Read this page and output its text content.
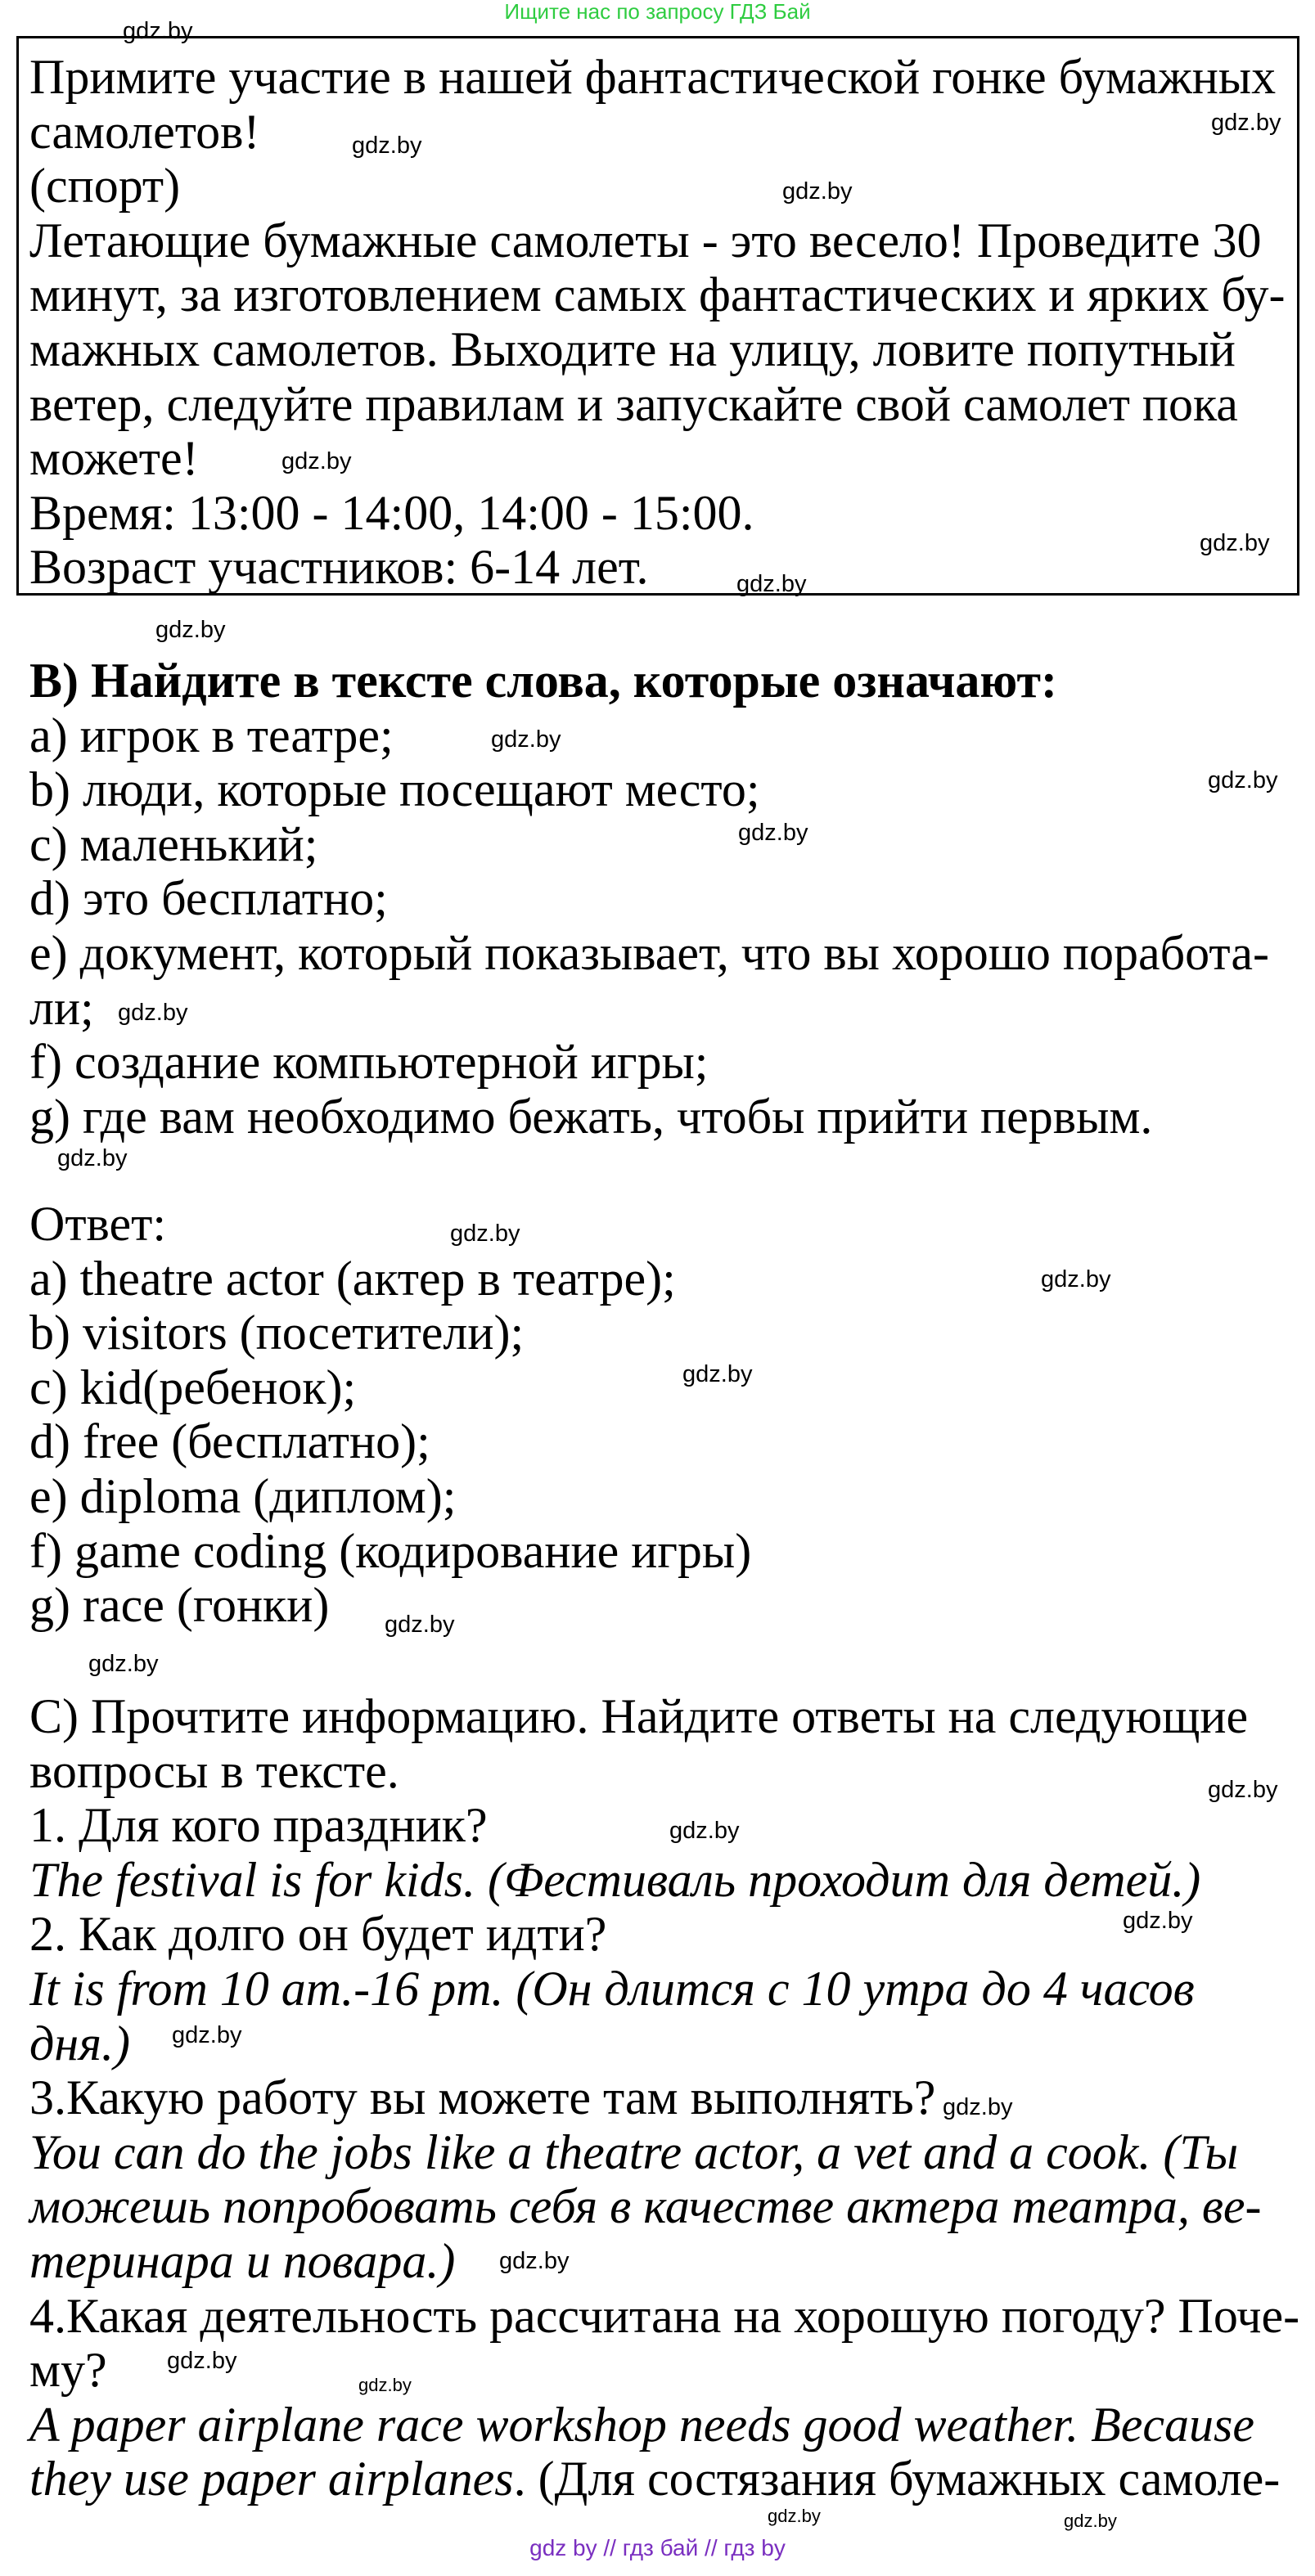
Ищите нас по запросу ГДЗ Бай
Примите участие в нашей фантастической гонке бумажных
самолетов!
(спорт)
Летающие бумажные самолеты - это весело! Проведите 30
минут, за изготовлением самых фантастических и ярких бу-
мажных самолетов. Выходите на улицу, ловите попутный
ветер, следуйте правилам и запускайте свой самолет пока
можете!
Время: 13:00 - 14:00, 14:00 - 15:00.
Возраст участников: 6-14 лет.
B) Найдите в тексте слова, которые означают:
a) игрок в театре;
b) люди, которые посещают место;
c) маленький;
d) это бесплатно;
e) документ, который показывает, что вы хорошо поработа-
ли;
f) создание компьютерной игры;
g) где вам необходимо бежать, чтобы прийти первым.
Ответ:
a) theatre actor (актер в театре);
b) visitors (посетители);
c) kid(ребенок);
d) free (бесплатно);
e) diploma (диплом);
f) game coding (кодирование игры)
g) race (гонки)
C) Прочтите информацию. Найдите ответы на следующие
вопросы в тексте.
1. Для кого праздник?
The festival is for kids. (Фестиваль проходит для детей.)
2. Как долго он будет идти?
It is from 10 am.-16 pm. (Он длится с 10 утра до 4 часов
дня.)
3.Какую работу вы можете там выполнять?
You can do the jobs like a theatre actor, a vet and a cook. (Ты
можешь попробовать себя в качестве актера театра, ве-
теринара и повара.)
4.Какая деятельность рассчитана на хорошую погоду? Поче-
му?
A paper airplane race workshop needs good weather. Because
they use paper airplanes. (Для состязания бумажных самоле-
gdz.by
gdz.by
gdz.by
gdz.by
gdz.by
gdz.by
gdz.by
gdz.by
gdz.by
gdz.by
gdz.by
gdz.by
gdz.by
gdz.by
gdz.by
gdz.by
gdz.by
gdz.by
gdz.by
gdz.by
gdz.by
gdz.by
gdz.by
gdz.by
gdz.by
gdz.by
gdz.by
gdz.by
gdz by // гдз бай // гдз by
